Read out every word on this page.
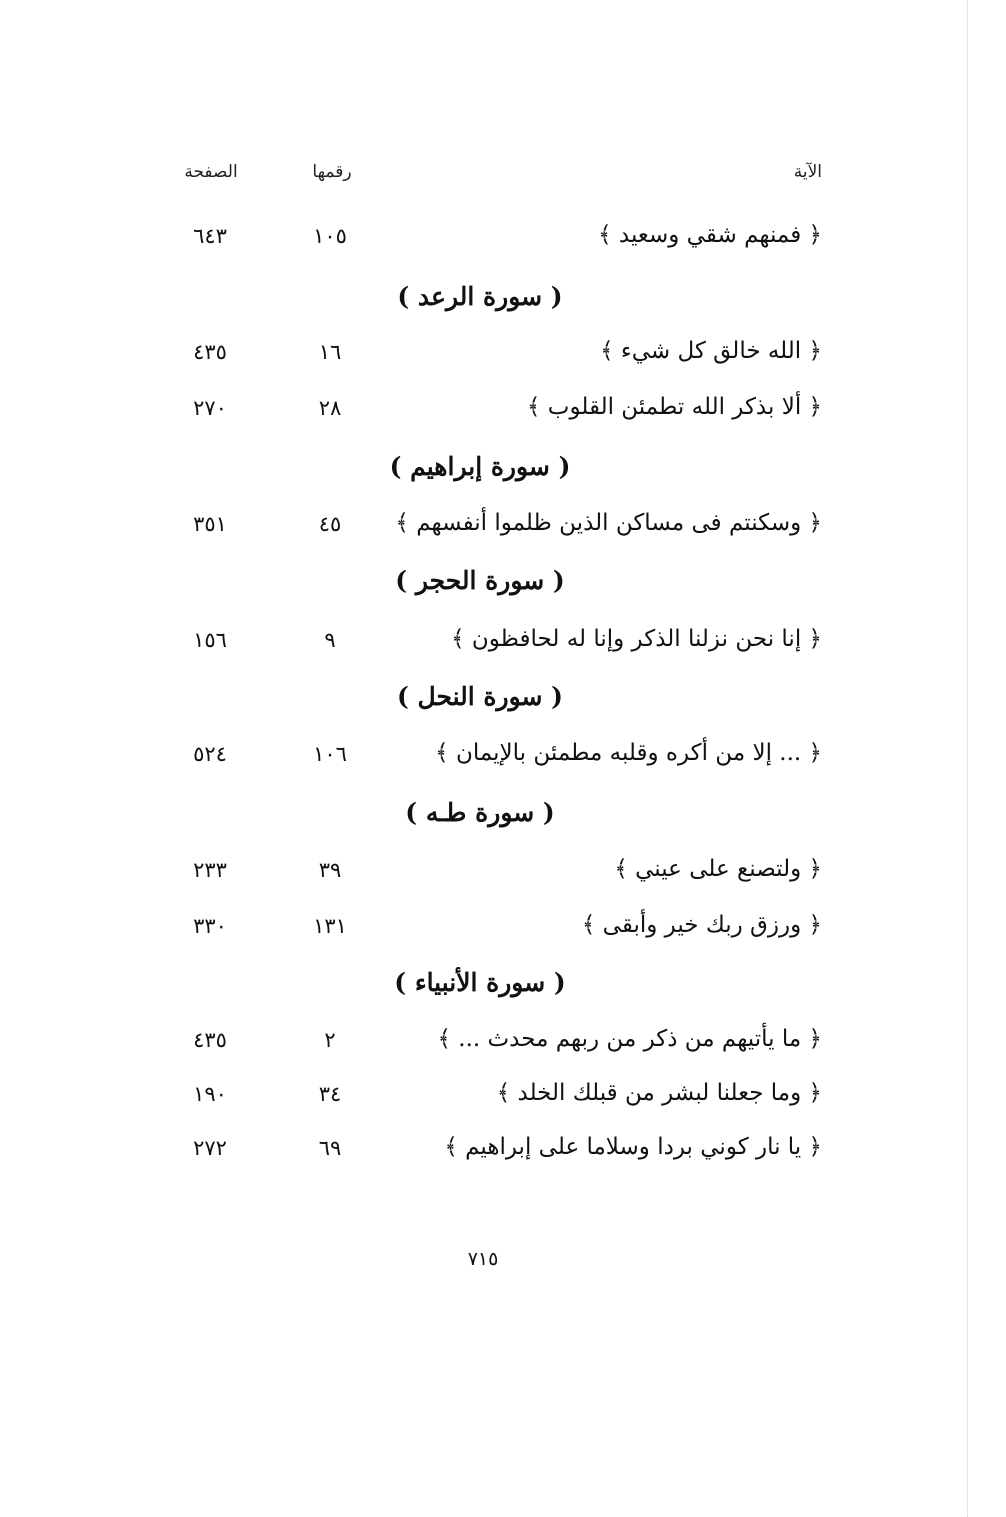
الآية
رقمها
الصفحة
﴿ فمنهم شقي وسعيد ﴾
١٠٥
٦٤٣
( سورة الرعد )
﴿ الله خالق كل شيء ﴾
١٦
٤٣٥
﴿ ألا بذكر الله تطمئن القلوب ﴾
٢٨
٢٧٠
( سورة إبراهيم )
﴿ وسكنتم فى مساكن الذين ظلموا أنفسهم ﴾
٤٥
٣٥١
( سورة الحجر )
﴿ إنا نحن نزلنا الذكر وإنا له لحافظون ﴾
٩
١٥٦
( سورة النحل )
﴿ ... إلا من أكره وقلبه مطمئن بالإيمان ﴾
١٠٦
٥٢٤
( سورة طـه )
﴿ ولتصنع على عيني ﴾
٣٩
٢٣٣
﴿ ورزق ربك خير وأبقى ﴾
١٣١
٣٣٠
( سورة الأنبياء )
﴿ ما يأتيهم من ذكر من ربهم محدث ... ﴾
٢
٤٣٥
﴿ وما جعلنا لبشر من قبلك الخلد ﴾
٣٤
١٩٠
﴿ يا نار كوني بردا وسلاما على إبراهيم ﴾
٦٩
٢٧٢
٧١٥
